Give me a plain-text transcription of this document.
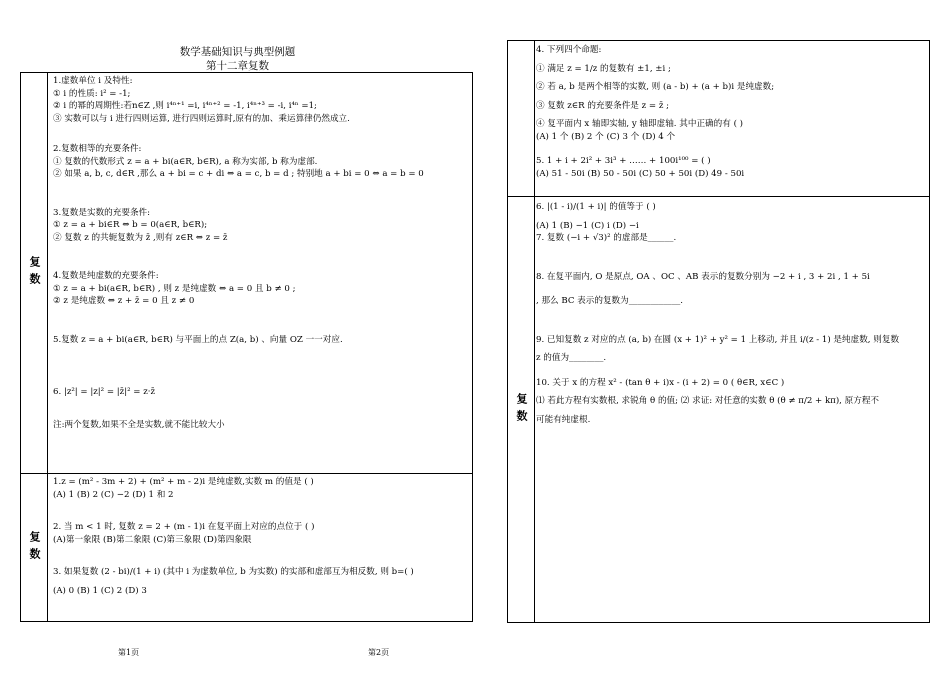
数学基础知识与典型例题
第十二章复数
复数
复数

1.虚数单位 i 及特性:

① i 的性质: i² = -1;

② i 的幂的周期性:若n∈Z ,则 i⁴ⁿ⁺¹ =i, i⁴ⁿ⁺² = -1, i⁴ⁿ⁺³ = -i, i⁴ⁿ =1;

③ 实数可以与 i 进行四则运算, 进行四则运算时,原有的加、乘运算律仍然成立.

2.复数相等的充要条件:

① 复数的代数形式 z = a + bi(a∈R, b∈R), a 称为实部, b 称为虚部.

② 如果 a, b, c, d∈R ,那么 a + bi = c + di ⇔ a = c, b = d ; 特别地 a + bi = 0 ⇔ a = b = 0

3.复数是实数的充要条件:

① z = a + bi∈R ⇔ b = 0(a∈R, b∈R);

② 复数 z 的共轭复数为 z̄ ,则有 z∈R ⇔ z = z̄

4.复数是纯虚数的充要条件:

① z = a + bi(a∈R, b∈R) , 则 z 是纯虚数 ⇔ a = 0 且 b ≠ 0 ;

② z 是纯虚数 ⇔ z + z̄ = 0 且 z ≠ 0

5.复数 z = a + bi(a∈R, b∈R) 与平面上的点 Z(a, b) 、向量 OZ 一一对应.

6. |z²| = |z|² = |z̄|² = z·z̄

注:两个复数,如果不全是实数,就不能比较大小

1.z = (m² - 3m + 2) + (m² + m - 2)i 是纯虚数,实数 m 的值是 ( )

(A) 1 (B) 2 (C) −2 (D) 1 和 2

2. 当 m < 1 时, 复数 z = 2 + (m - 1)i 在复平面上对应的点位于 ( )

(A)第一象限 (B)第二象限 (C)第三象限 (D)第四象限

3. 如果复数 (2 - bi)/(1 + i) (其中 i 为虚数单位, b 为实数) 的实部和虚部互为相反数, 则 b=( )

(A) 0 (B) 1 (C) 2 (D) 3

第1页
复数

4. 下列四个命题:

① 满足 z = 1/z 的复数有 ±1, ±i ;

② 若 a, b 是两个相等的实数, 则 (a - b) + (a + b)i 是纯虚数;

③ 复数 z∈R 的充要条件是 z = z̄ ;

④ 复平面内 x 轴即实轴, y 轴即虚轴. 其中正确的有 ( )

(A) 1 个 (B) 2 个 (C) 3 个 (D) 4 个

5. 1 + i + 2i² + 3i³ + …… + 100i¹⁰⁰ = ( )

(A) 51 - 50i (B) 50 - 50i (C) 50 + 50i (D) 49 - 50i

6. |(1 - i)/(1 + i)| 的值等于 ( )

(A) 1 (B) −1 (C) i (D) −i

7. 复数 (−i + √3)² 的虚部是______.

8. 在复平面内, O 是原点, OA 、OC 、AB 表示的复数分别为 −2 + i , 3 + 2i , 1 + 5i

, 那么 BC 表示的复数为____________.

9. 已知复数 z 对应的点 (a, b) 在圆 (x + 1)² + y² = 1 上移动, 并且 i/(z - 1) 是纯虚数, 则复数

z 的值为________.

10. 关于 x 的方程 x² - (tan θ + i)x - (i + 2) = 0 ( θ∈R, x∈C )

⑴ 若此方程有实数根, 求锐角 θ 的值; ⑵ 求证: 对任意的实数 θ (θ ≠ π/2 + kπ), 原方程不

可能有纯虚根.

第2页
